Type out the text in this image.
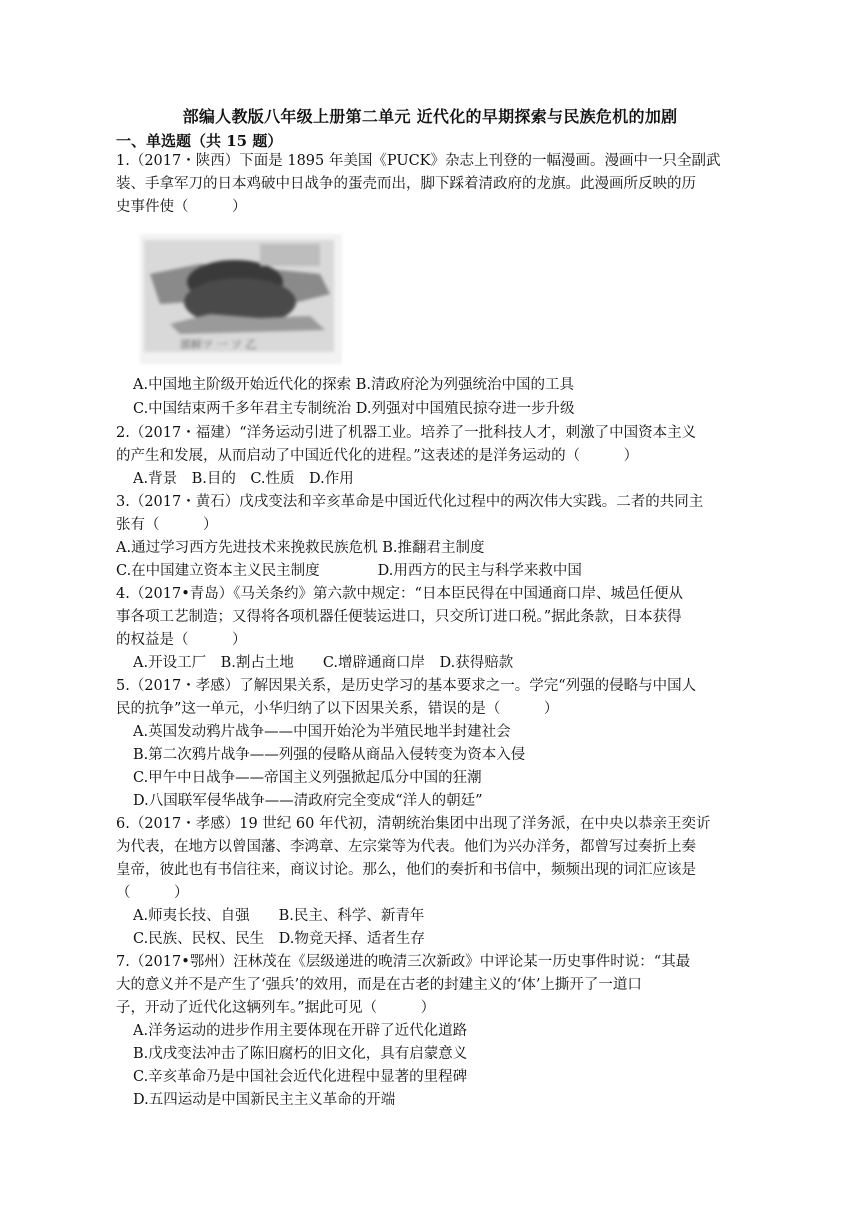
部编人教版八年级上册第二单元 近代化的早期探索与民族危机的加剧
一、单选题（共 15 题）
1.（2017・陕西）下面是 1895 年美国《PUCK》杂志上刊登的一幅漫画。漫画中一只全副武
装、手拿军刀的日本鸡破中日战争的蛋壳而出，脚下踩着清政府的龙旗。此漫画所反映的历
史事件使（　　　）
部鲜ツ 一 ソ 乙
A.中国地主阶级开始近代化的探索 B.清政府沦为列强统治中国的工具
C.中国结束两千多年君主专制统治 D.列强对中国殖民掠夺进一步升级
2.（2017・福建）“洋务运动引进了机器工业。培养了一批科技人才，刺激了中国资本主义
的产生和发展，从而启动了中国近代化的进程。”这表述的是洋务运动的（　　　）
A.背景　B.目的　C.性质　D.作用
3.（2017・黄石）戊戌变法和辛亥革命是中国近代化过程中的两次伟大实践。二者的共同主
张有（　　　）
A.通过学习西方先进技术来挽救民族危机 B.推翻君主制度
C.在中国建立资本主义民主制度　　　　D.用西方的民主与科学来救中国
4.（2017•青岛）《马关条约》第六款中规定：“日本臣民得在中国通商口岸、城邑任便从
事各项工艺制造；又得将各项机器任便装运进口，只交所订进口税。”据此条款，日本获得
的权益是（　　　）
A.开设工厂　B.割占土地　　C.增辟通商口岸　D.获得赔款
5.（2017・孝感）了解因果关系，是历史学习的基本要求之一。学完“列强的侵略与中国人
民的抗争”这一单元，小华归纳了以下因果关系，错误的是（　　　）
A.英国发动鸦片战争——中国开始沦为半殖民地半封建社会
B.第二次鸦片战争——列强的侵略从商品入侵转变为资本入侵
C.甲午中日战争——帝国主义列强掀起瓜分中国的狂潮
D.八国联军侵华战争——清政府完全变成“洋人的朝廷”
6.（2017・孝感）19 世纪 60 年代初，清朝统治集团中出现了洋务派，在中央以恭亲王奕䜣
为代表，在地方以曾国藩、李鸿章、左宗棠等为代表。他们为兴办洋务，都曾写过奏折上奏
皇帝，彼此也有书信往来，商议讨论。那么，他们的奏折和书信中，频频出现的词汇应该是
（　　　）
A.师夷长技、自强　　B.民主、科学、新青年
C.民族、民权、民生　D.物竞天择、适者生存
7.（2017•鄂州）汪林茂在《层级递进的晚清三次新政》中评论某一历史事件时说：“其最
大的意义并不是产生了‘强兵’的效用，而是在古老的封建主义的‘体’上撕开了一道口
子，开动了近代化这辆列车。”据此可见（　　　）
A.洋务运动的进步作用主要体现在开辟了近代化道路
B.戊戌变法冲击了陈旧腐朽的旧文化，具有启蒙意义
C.辛亥革命乃是中国社会近代化进程中显著的里程碑
D.五四运动是中国新民主主义革命的开端
